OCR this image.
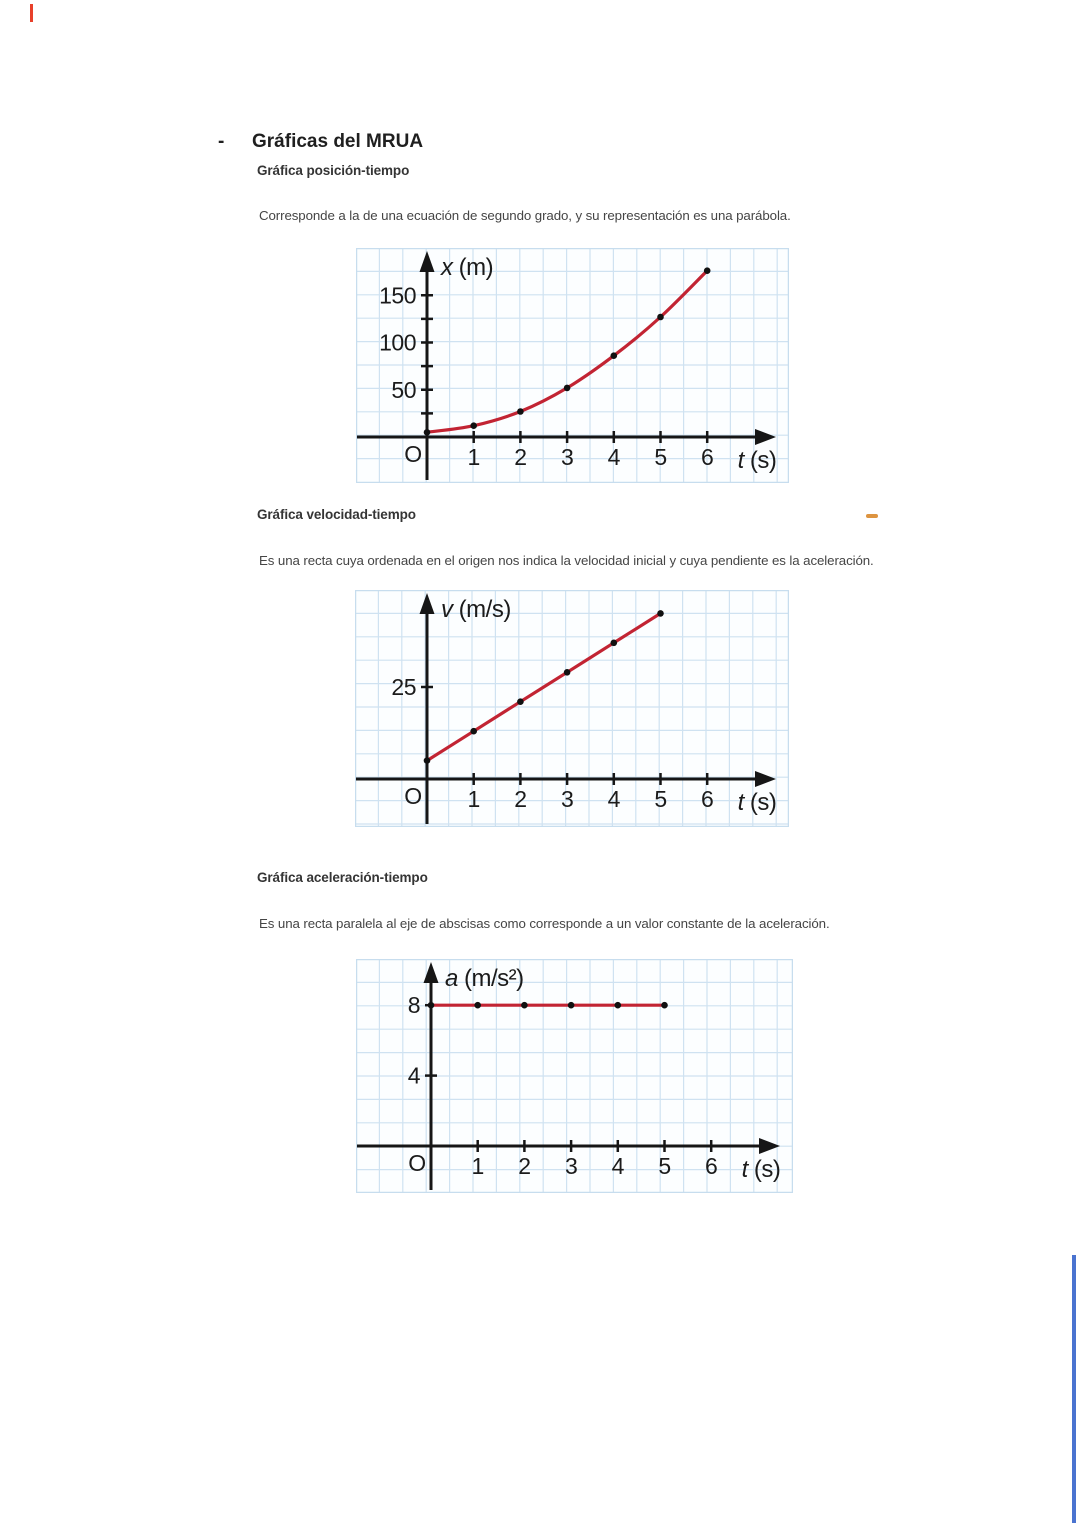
- Gráficas del MRUA
Gráfica posición-tiempo
Corresponde a la de una ecuación de segundo grado, y su representación es una parábola.
1 2 3 4 5 6
50
100
150
O
x (m)
t (s)
Gráfica velocidad-tiempo
Es una recta cuya ordenada en el origen nos indica la velocidad inicial y cuya pendiente es la aceleración.
1 2 3 4 5 6
25
O
v (m/s)
t (s)
Gráfica aceleración-tiempo
Es una recta paralela al eje de abscisas como corresponde a un valor constante de la aceleración.
1 2 3 4 5 6
4
8
O
a (m/s²)
t (s)
